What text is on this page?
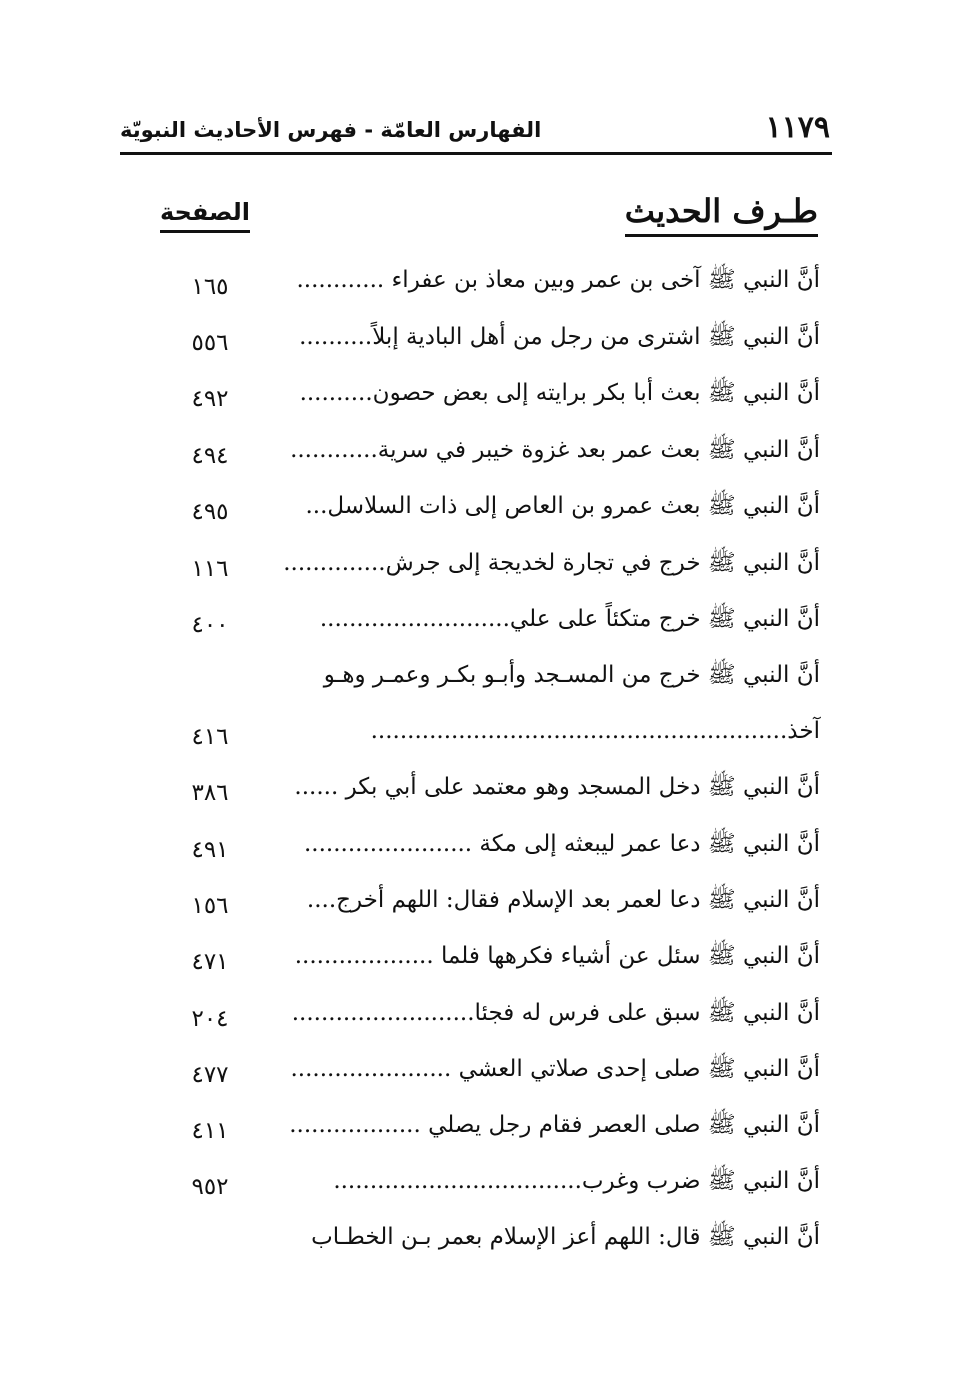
١١٧٩
الفهارس العامّة - فهرس الأحاديث النبويّة
طـرف الحديث
الصفحة
أنَّ النبي ﷺ آخى بن عمر وبين معاذ بن عفراء ............
١٦٥
أنَّ النبي ﷺ اشترى من رجل من أهل البادية إبلاً..........
٥٥٦
أنَّ النبي ﷺ بعث أبا بكر برايته إلى بعض حصون..........
٤٩٢
أنَّ النبي ﷺ بعث عمر بعد غزوة خيبر في سرية............
٤٩٤
أنَّ النبي ﷺ بعث عمرو بن العاص إلى ذات السلاسل...
٤٩٥
أنَّ النبي ﷺ خرج في تجارة لخديجة إلى جرش..............
١١٦
أنَّ النبي ﷺ خرج متكئاً على علي..........................
٤٠٠
أنَّ النبي ﷺ خرج من المسـجد وأبـو بكـر وعمـر وهـو
آخذ.........................................................
٤١٦
أنَّ النبي ﷺ دخل المسجد وهو معتمد على أبي بكر ......
٣٨٦
أنَّ النبي ﷺ دعا عمر ليبعثه إلى مكة .......................
٤٩١
أنَّ النبي ﷺ دعا لعمر بعد الإسلام فقال: اللهم أخرج....
١٥٦
أنَّ النبي ﷺ سئل عن أشياء فكرهها فلما ...................
٤٧١
أنَّ النبي ﷺ سبق على فرس له فجئا.........................
٢٠٤
أنَّ النبي ﷺ صلى إحدى صلاتي العشي ......................
٤٧٧
أنَّ النبي ﷺ صلى العصر فقام رجل يصلي ..................
٤١١
أنَّ النبي ﷺ ضرب وغرب..................................
٩٥٢
أنَّ النبي ﷺ قال: اللهم أعز الإسلام بعمر بـن الخطـاب
